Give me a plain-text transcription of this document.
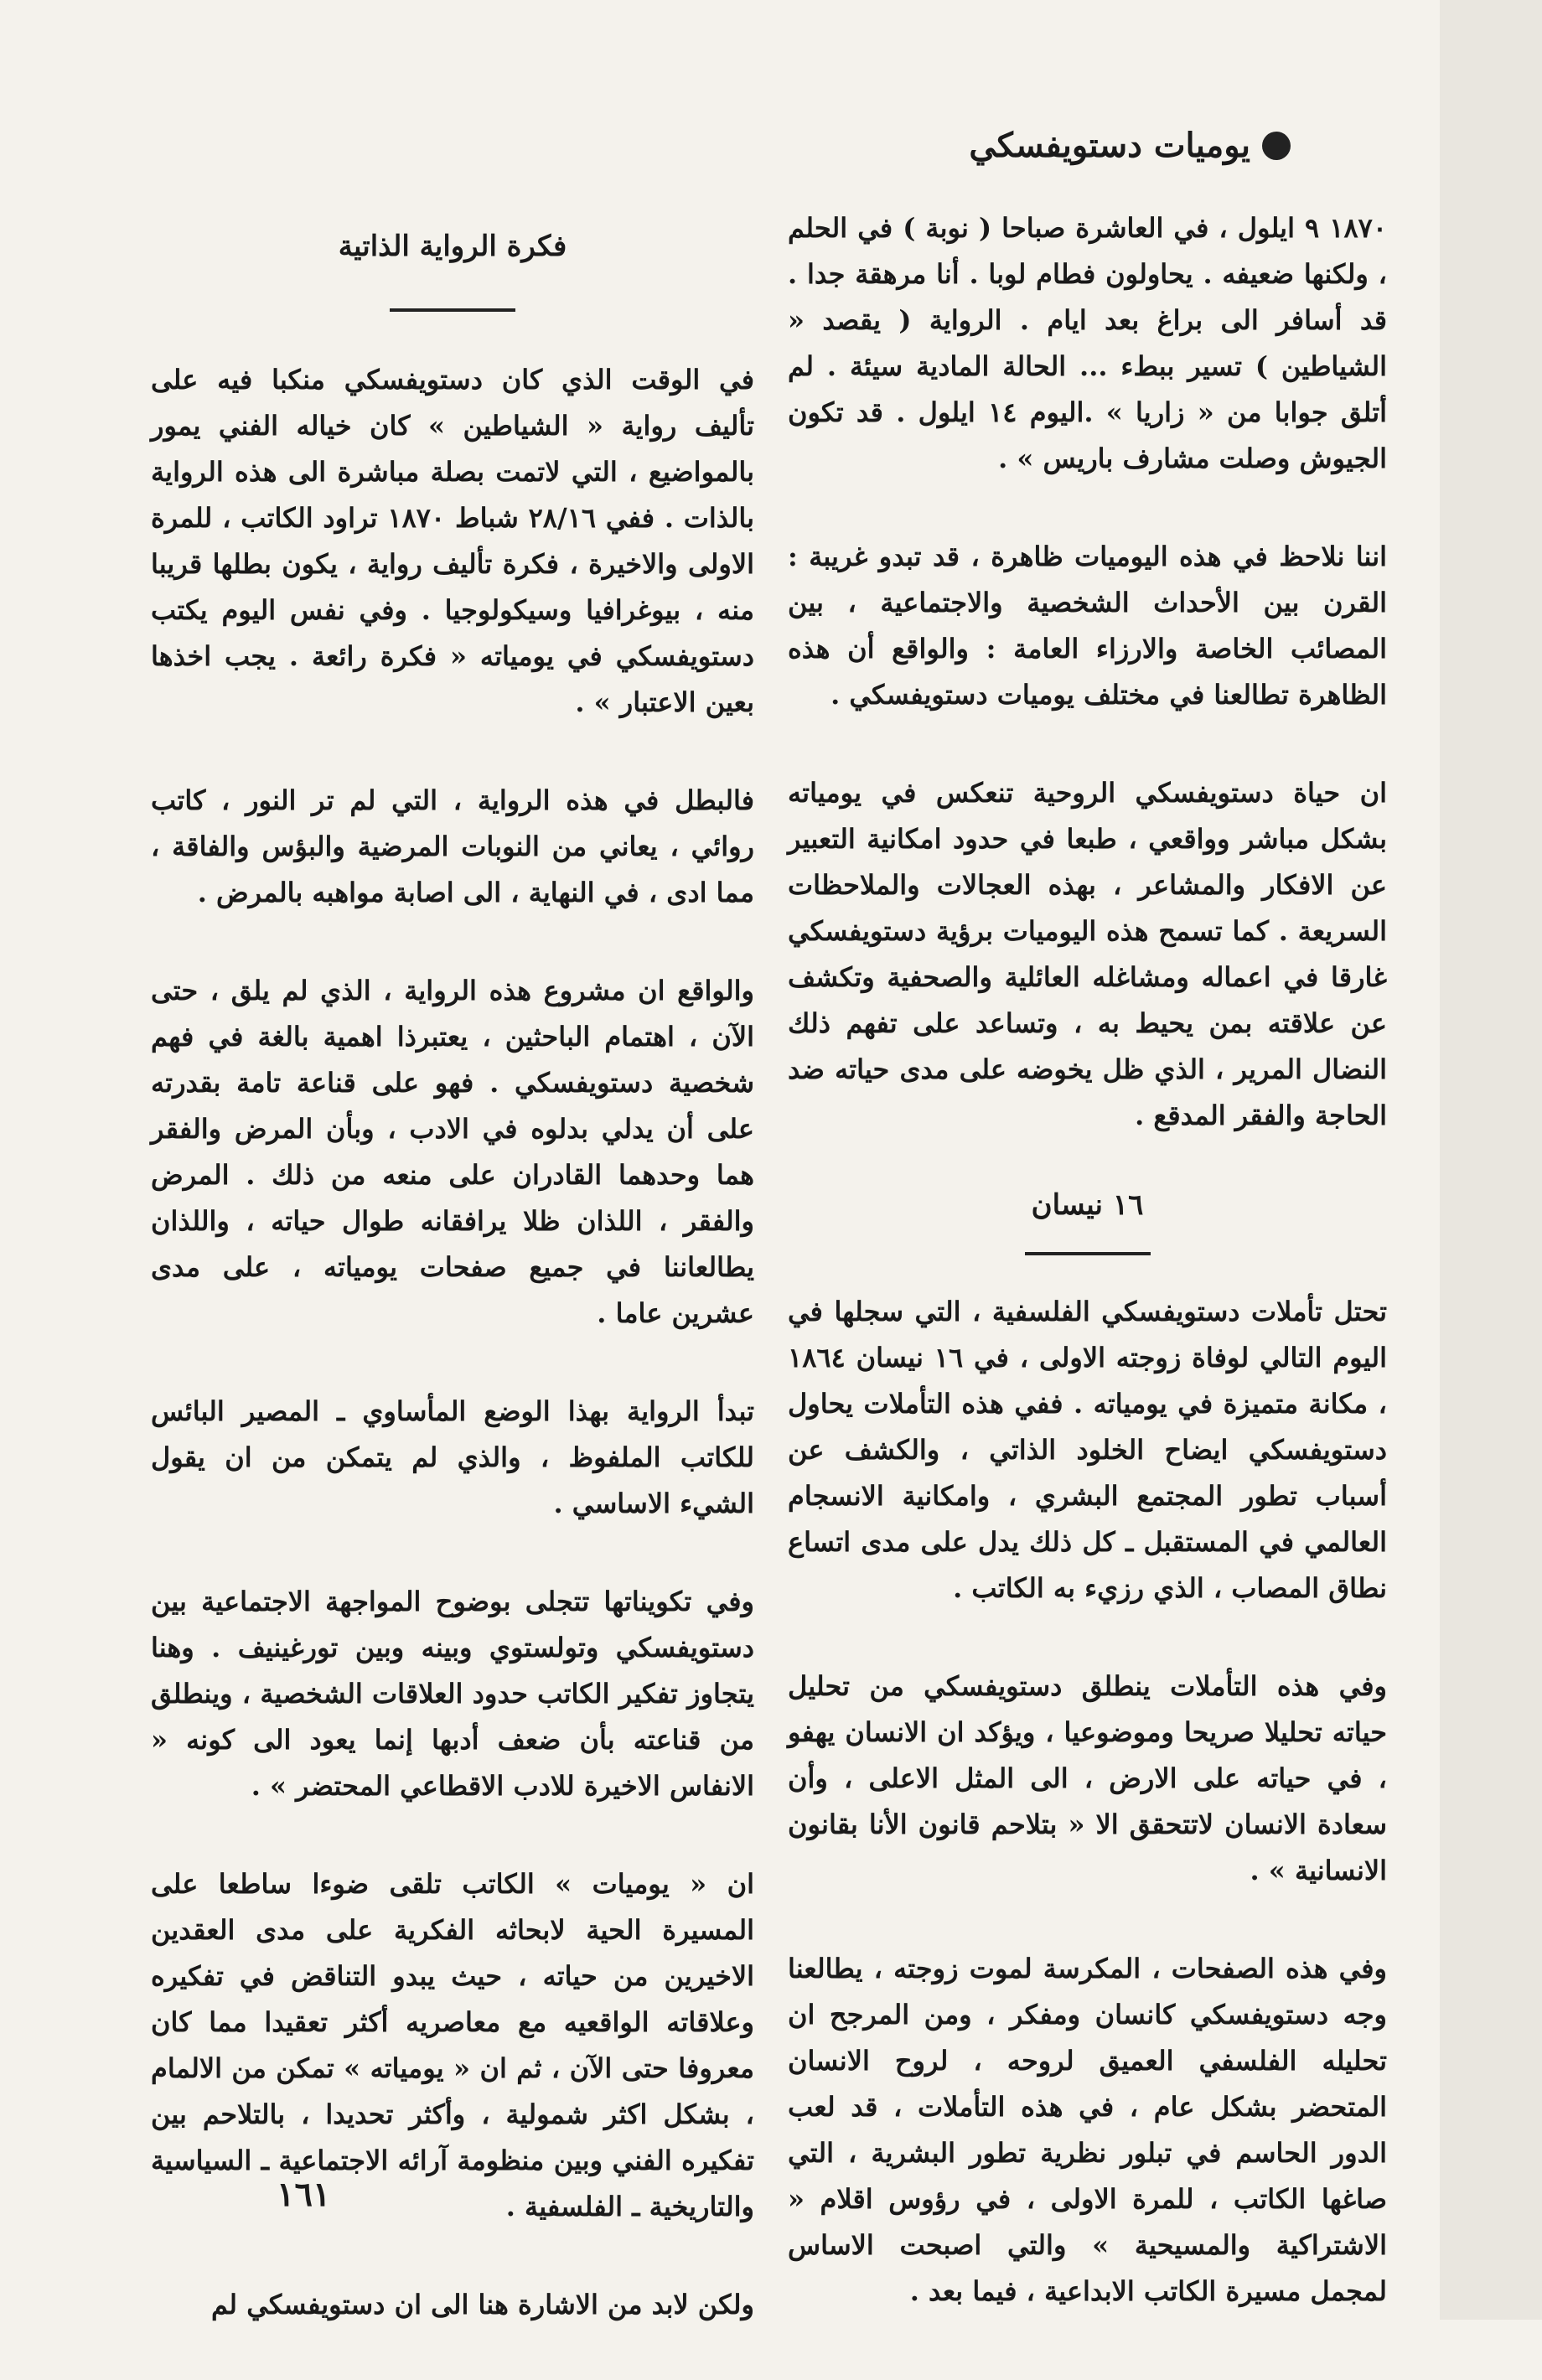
يوميات دستويفسكي

١٨٧٠ ٩ ايلول ، في العاشرة صباحا ( نوبة ) في الحلم ، ولكنها ضعيفه . يحاولون فطام لوبا . أنا مرهقة جدا . قد أسافر الى براغ بعد ايام . الرواية ( يقصد « الشياطين ) تسير ببطء ... الحالة المادية سيئة . لم أتلق جوابا من « زاريا » .اليوم ١٤ ايلول . قد تكون الجيوش وصلت مشارف باريس » .

اننا نلاحظ في هذه اليوميات ظاهرة ، قد تبدو غريبة : القرن بين الأحداث الشخصية والاجتماعية ، بين المصائب الخاصة والارزاء العامة : والواقع أن هذه الظاهرة تطالعنا في مختلف يوميات دستويفسكي .

ان حياة دستويفسكي الروحية تنعكس في يومياته بشكل مباشر وواقعي ، طبعا في حدود امكانية التعبير عن الافكار والمشاعر ، بهذه العجالات والملاحظات السريعة . كما تسمح هذه اليوميات برؤية دستويفسكي غارقا في اعماله ومشاغله العائلية والصحفية وتكشف عن علاقته بمن يحيط به ، وتساعد على تفهم ذلك النضال المرير ، الذي ظل يخوضه على مدى حياته ضد الحاجة والفقر المدقع .

١٦ نيسان

تحتل تأملات دستويفسكي الفلسفية ، التي سجلها في اليوم التالي لوفاة زوجته الاولى ، في ١٦ نيسان ١٨٦٤ ، مكانة متميزة في يومياته . ففي هذه التأملات يحاول دستويفسكي ايضاح الخلود الذاتي ، والكشف عن أسباب تطور المجتمع البشري ، وامكانية الانسجام العالمي في المستقبل ـ كل ذلك يدل على مدى اتساع نطاق المصاب ، الذي رزيء به الكاتب .

وفي هذه التأملات ينطلق دستويفسكي من تحليل حياته تحليلا صريحا وموضوعيا ، ويؤكد ان الانسان يهفو ، في حياته على الارض ، الى المثل الاعلى ، وأن سعادة الانسان لاتتحقق الا « بتلاحم قانون الأنا بقانون الانسانية » .

وفي هذه الصفحات ، المكرسة لموت زوجته ، يطالعنا وجه دستويفسكي كانسان ومفكر ، ومن المرجح ان تحليله الفلسفي العميق لروحه ، لروح الانسان المتحضر بشكل عام ، في هذه التأملات ، قد لعب الدور الحاسم في تبلور نظرية تطور البشرية ، التي صاغها الكاتب ، للمرة الاولى ، في رؤوس اقلام « الاشتراكية والمسيحية » والتي اصبحت الاساس لمجمل مسيرة الكاتب الابداعية ، فيما بعد .

فكرة الرواية الذاتية

في الوقت الذي كان دستويفسكي منكبا فيه على تأليف رواية « الشياطين » كان خياله الفني يمور بالمواضيع ، التي لاتمت بصلة مباشرة الى هذه الرواية بالذات . ففي ٢٨/١٦ شباط ١٨٧٠ تراود الكاتب ، للمرة الاولى والاخيرة ، فكرة تأليف رواية ، يكون بطلها قريبا منه ، بيوغرافيا وسيكولوجيا . وفي نفس اليوم يكتب دستويفسكي في يومياته « فكرة رائعة . يجب اخذها بعين الاعتبار » .

فالبطل في هذه الرواية ، التي لم تر النور ، كاتب روائي ، يعاني من النوبات المرضية والبؤس والفاقة ، مما ادى ، في النهاية ، الى اصابة مواهبه بالمرض .

والواقع ان مشروع هذه الرواية ، الذي لم يلق ، حتى الآن ، اهتمام الباحثين ، يعتبرذا اهمية بالغة في فهم شخصية دستويفسكي . فهو على قناعة تامة بقدرته على أن يدلي بدلوه في الادب ، وبأن المرض والفقر هما وحدهما القادران على منعه من ذلك . المرض والفقر ، اللذان ظلا يرافقانه طوال حياته ، واللذان يطالعاننا في جميع صفحات يومياته ، على مدى عشرين عاما .

تبدأ الرواية بهذا الوضع المأساوي ـ المصير البائس للكاتب الملفوظ ، والذي لم يتمكن من ان يقول الشيء الاساسي .

وفي تكويناتها تتجلى بوضوح المواجهة الاجتماعية بين دستويفسكي وتولستوي وبينه وبين تورغينيف . وهنا يتجاوز تفكير الكاتب حدود العلاقات الشخصية ، وينطلق من قناعته بأن ضعف أدبها إنما يعود الى كونه « الانفاس الاخيرة للادب الاقطاعي المحتضر » .

ان « يوميات » الكاتب تلقى ضوءا ساطعا على المسيرة الحية لابحاثه الفكرية على مدى العقدين الاخيرين من حياته ، حيث يبدو التناقض في تفكيره وعلاقاته الواقعيه مع معاصريه أكثر تعقيدا مما كان معروفا حتى الآن ، ثم ان « يومياته » تمكن من الالمام ، بشكل اكثر شمولية ، وأكثر تحديدا ، بالتلاحم بين تفكيره الفني وبين منظومة آرائه الاجتماعية ـ السياسية والتاريخية ـ الفلسفية .

ولكن لابد من الاشارة هنا الى ان دستويفسكي لم

١٦١
